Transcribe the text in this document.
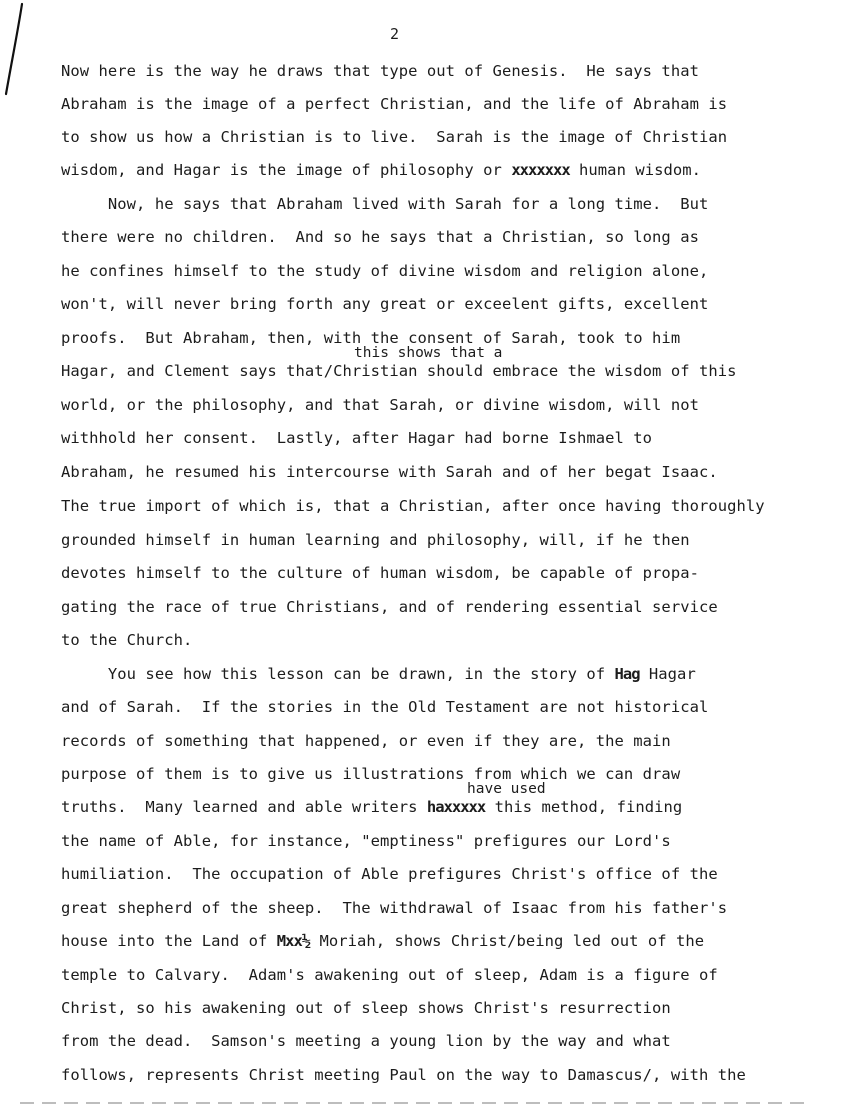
2
this shows that a
have used
Now here is the way he draws that type out of Genesis.  He says that
Abraham is the image of a perfect Christian, and the life of Abraham is
to show us how a Christian is to live.  Sarah is the image of Christian
wisdom, and Hagar is the image of philosophy or xxxxxxx human wisdom.
Now, he says that Abraham lived with Sarah for a long time.  But
there were no children.  And so he says that a Christian, so long as
he confines himself to the study of divine wisdom and religion alone,
won't, will never bring forth any great or exceelent gifts, excellent
proofs.  But Abraham, then, with the consent of Sarah, took to him
Hagar, and Clement says that/Christian should embrace the wisdom of this
world, or the philosophy, and that Sarah, or divine wisdom, will not
withhold her consent.  Lastly, after Hagar had borne Ishmael to
Abraham, he resumed his intercourse with Sarah and of her begat Isaac.
The true import of which is, that a Christian, after once having thoroughly
grounded himself in human learning and philosophy, will, if he then
devotes himself to the culture of human wisdom, be capable of propa-
gating the race of true Christians, and of rendering essential service
to the Church.
You see how this lesson can be drawn, in the story of Hag Hagar
and of Sarah.  If the stories in the Old Testament are not historical
records of something that happened, or even if they are, the main
purpose of them is to give us illustrations from which we can draw
truths.  Many learned and able writers haxxxxx this method, finding
the name of Able, for instance, "emptiness" prefigures our Lord's
humiliation.  The occupation of Able prefigures Christ's office of the
great shepherd of the sheep.  The withdrawal of Isaac from his father's
house into the Land of Mxx½ Moriah, shows Christ/being led out of the
temple to Calvary.  Adam's awakening out of sleep, Adam is a figure of
Christ, so his awakening out of sleep shows Christ's resurrection
from the dead.  Samson's meeting a young lion by the way and what
follows, represents Christ meeting Paul on the way to Damascus/, with the
